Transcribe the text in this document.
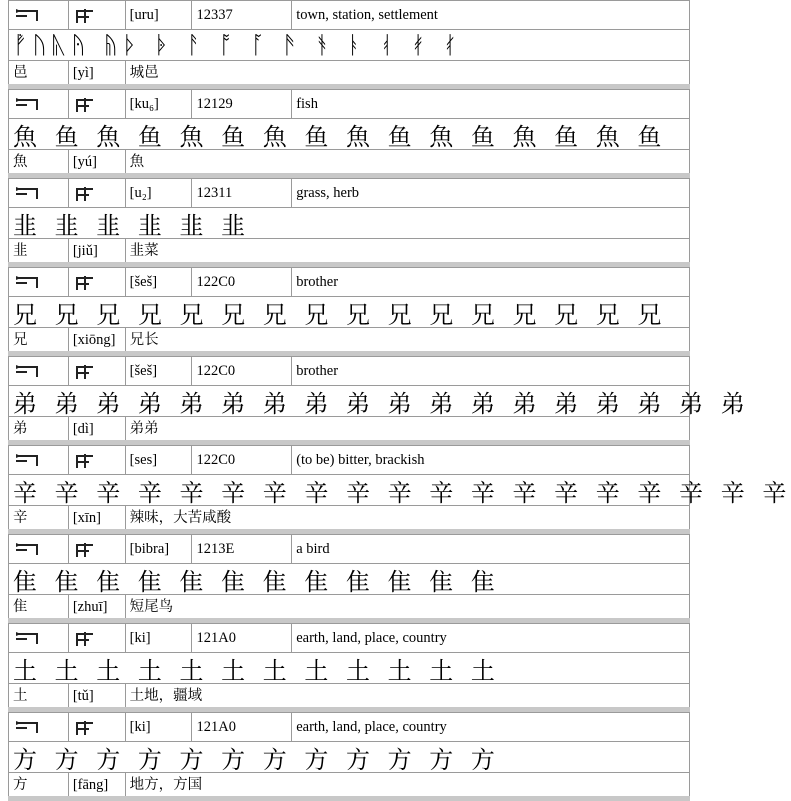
[uru]	12337	town, station, settlement
ᚡᚢᚣᚤ ᚥᚦ ᚧ ᚨ ᚩ ᚪ ᚫ ᚬ ᚭ ᚮ ᚯ ᚰ
邑	[yì]	城邑
[ku₆]	12129	fish
魚 鱼 魚 鱼 魚 鱼 魚 鱼 魚 鱼 魚 鱼 魚 鱼 魚 鱼
魚	[yú]	魚
[u₂]	12311	grass, herb
韭 韭 韭 韭 韭 韭
韭	[jiǔ]	韭菜
[šeš]	122C0	brother
兄 兄 兄 兄 兄 兄 兄 兄 兄 兄 兄 兄 兄 兄 兄 兄
兄	[xiōng] 兄长
[šeš]	122C0	brother
弟 弟 弟 弟 弟 弟 弟 弟 弟 弟 弟 弟 弟 弟 弟 弟 弟 弟
弟	[dì]	弟弟
[ses]	122C0	(to be) bitter, brackish
辛 辛 辛 辛 辛 辛 辛 辛 辛 辛 辛 辛 辛 辛 辛 辛 辛 辛 辛
辛	[xīn]	辣味，大苦咸酸
[bibra]	1213E	a bird
隹 隹 隹 隹 隹 隹 隹 隹 隹 隹 隹 隹
隹	[zhuī]	短尾鸟
[ki]	121A0	earth, land, place, country
土 土 土 土 土 土 土 土 土 土 土 土
土	[tǔ]	土地，疆域
[ki]	121A0	earth, land, place, country
方 方 方 方 方 方 方 方 方 方 方 方
方	[fāng]	地方，方国
